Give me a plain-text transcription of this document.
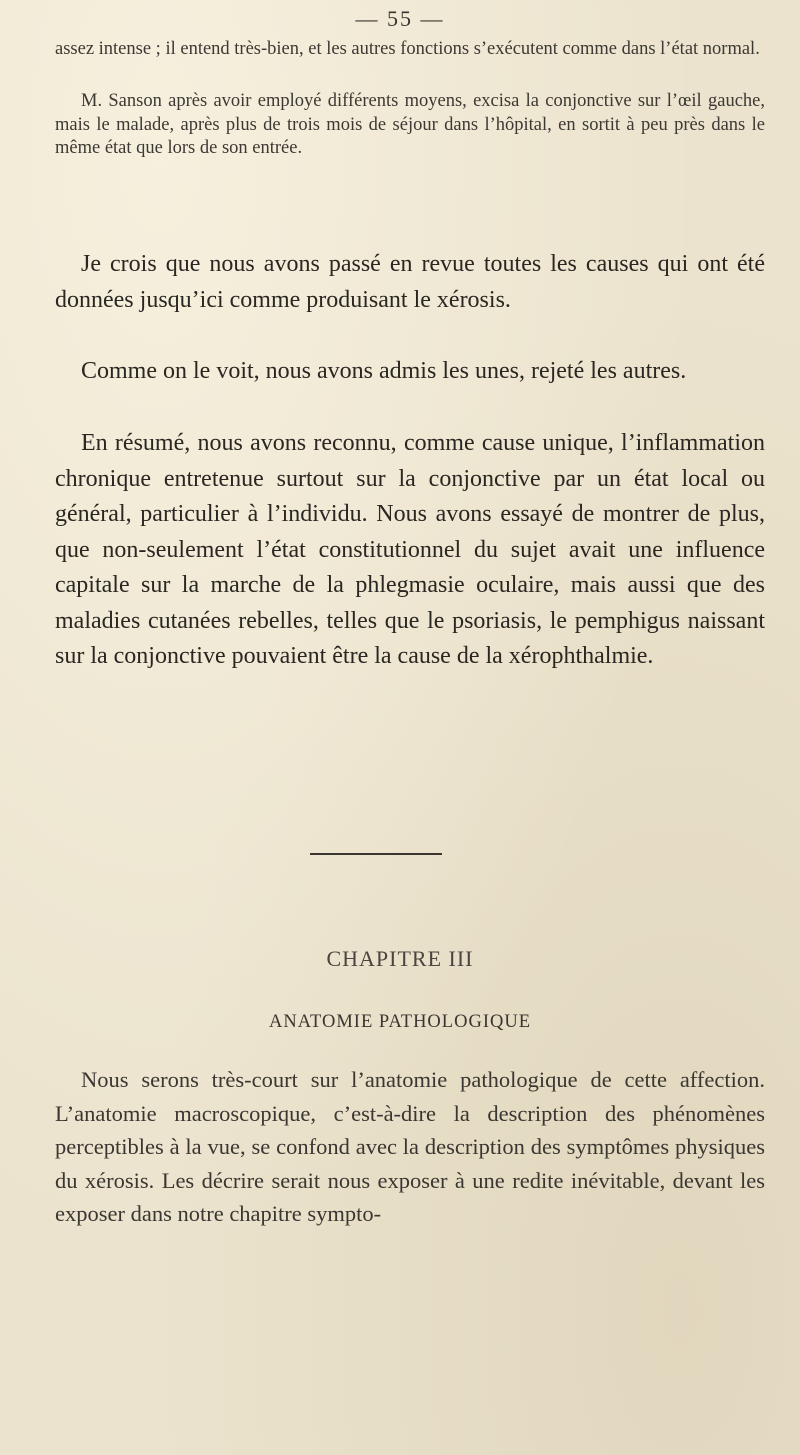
— 55 —

assez intense ; il entend très-bien, et les autres fonctions s’exécutent comme dans l’état normal.

M. Sanson après avoir employé différents moyens, excisa la conjonctive sur l’œil gauche, mais le malade, après plus de trois mois de séjour dans l’hôpital, en sortit à peu près dans le même état que lors de son entrée.

Je crois que nous avons passé en revue toutes les causes qui ont été données jusqu’ici comme produisant le xérosis.

Comme on le voit, nous avons admis les unes, rejeté les autres.

En résumé, nous avons reconnu, comme cause unique, l’inflammation chronique entretenue surtout sur la conjonctive par un état local ou général, particulier à l’individu. Nous avons essayé de montrer de plus, que non-seulement l’état constitutionnel du sujet avait une influence capitale sur la marche de la phlegmasie oculaire, mais aussi que des maladies cutanées rebelles, telles que le psoriasis, le pemphigus naissant sur la conjonctive pouvaient être la cause de la xérophthalmie.

CHAPITRE III
ANATOMIE PATHOLOGIQUE

Nous serons très-court sur l’anatomie pathologique de cette affection. L’anatomie macroscopique, c’est-à-dire la description des phénomènes perceptibles à la vue, se confond avec la description des symptômes physiques du xérosis. Les décrire serait nous exposer à une redite inévitable, devant les exposer dans notre chapitre sympto-
